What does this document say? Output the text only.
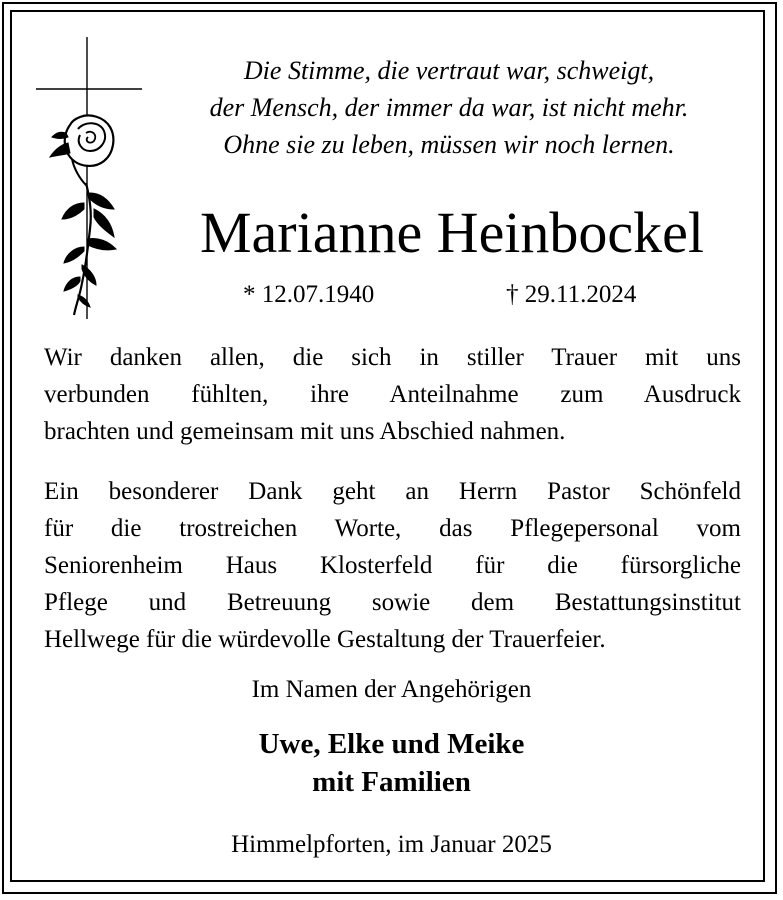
Die Stimme, die vertraut war, schweigt,
der Mensch, der immer da war, ist nicht mehr.
Ohne sie zu leben, müssen wir noch lernen.
Marianne Heinbockel
* 12.07.1940	† 29.11.2024
Wir danken allen, die sich in stiller Trauer mit uns
verbunden fühlten, ihre Anteilnahme zum Ausdruck
brachten und gemeinsam mit uns Abschied nahmen.
Ein besonderer Dank geht an Herrn Pastor Schönfeld
für die trostreichen Worte, das Pflegepersonal vom
Seniorenheim Haus Klosterfeld für die fürsorgliche
Pflege und Betreuung sowie dem Bestattungsinstitut
Hellwege für die würdevolle Gestaltung der Trauerfeier.
Im Namen der Angehörigen
Uwe, Elke und Meike
mit Familien
Himmelpforten, im Januar 2025
